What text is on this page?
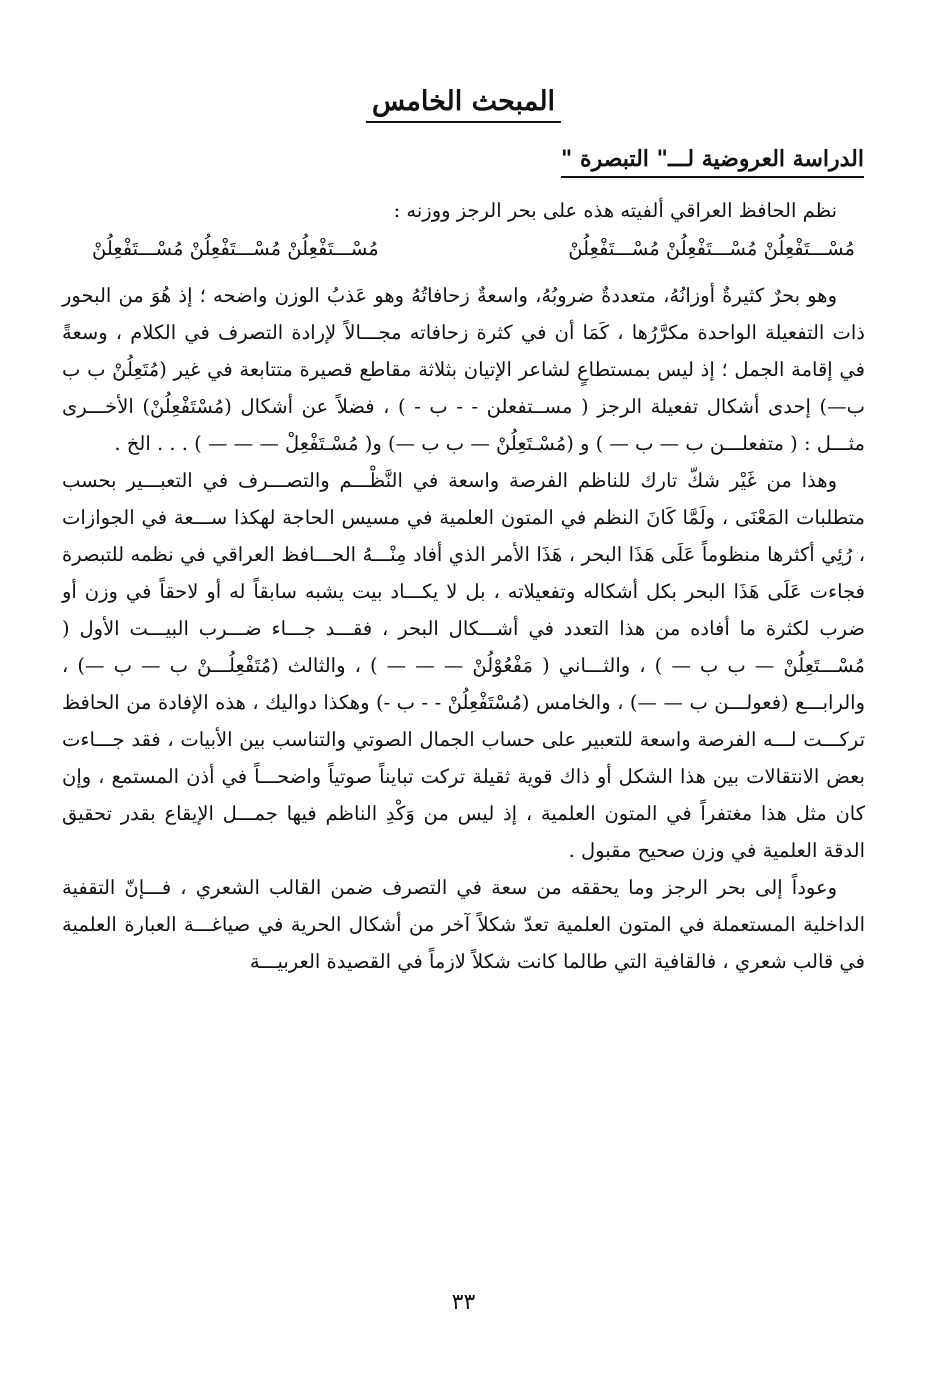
المبحث الخامس
الدراسة العروضية لـــ" التبصرة "

نظم الحافظ العراقي ألفيته هذه على بحر الرجز ووزنه :

مُسْـــتَفْعِلُنْ مُسْـــتَفْعِلُنْ مُسْـــتَفْعِلُنْ
مُسْـــتَفْعِلُنْ مُسْـــتَفْعِلُنْ مُسْـــتَفْعِلُنْ

وهو بحرٌ كثيرةٌ أوزانُهُ، متعددةٌ ضروبُهُ، واسعةٌ زحافاتُهُ وهو عَذبُ الوزن واضحه ؛ إذ هُوَ من البحور ذات التفعيلة الواحدة مكرَّرُها ، كَمَا أن في كثرة زحافاته مجـــالاً لإرادة التصرف في الكلام ، وسعةً في إقامة الجمل ؛ إذ ليس بمستطاعٍ لشاعر الإتيان بثلاثة مقاطع قصيرة متتابعة في غير (مُتَعِلُنْ ب ب ب—) إحدى أشكال تفعيلة الرجز ( مســتفعلن - - ب - ) ، فضلاً عن أشكال (مُسْتَفْعِلُنْ) الأخـــرى مثـــل : ( متفعلـــن ب — ب — ) و (مُسْـتَعِلُنْ — ب ب —) و( مُسْـتَفْعِلْ — — — ) . . . الخ .

وهذا من غَيْر شكّ تارك للناظم الفرصة واسعة في النَّظْـــم والتصـــرف في التعبـــير بحسب متطلبات المَعْنَى ، ولَمَّا كَانَ النظم في المتون العلمية في مسيس الحاجة لهكذا ســـعة في الجوازات ، رُئِي أكثرها منظوماً عَلَى هَذَا البحر ، هَذَا الأمر الذي أفاد مِنْـــهُ الحـــافظ العراقي في نظمه للتبصرة فجاءت عَلَى هَذَا البحر بكل أشكاله وتفعيلاته ، بل لا يكـــاد بيت يشبه سابقاً له أو لاحقاً في وزن أو ضرب لكثرة ما أفاده من هذا التعدد في أشـــكال البحر ، فقـــد جـــاء ضـــرب البيـــت الأول ( مُسْـــتَعِلُنْ — ب ب — ) ، والثـــاني ( مَفْعُوْلُنْ — — — ) ، والثالث (مُتَفْعِلُـــنْ ب — ب —) ، والرابـــع (فعولـــن ب — —) ، والخامس (مُسْتَفْعِلُنْ - - ب -) وهكذا دواليك ، هذه الإفادة من الحافظ تركـــت لـــه الفرصة واسعة للتعبير على حساب الجمال الصوتي والتناسب بين الأبيات ، فقد جـــاءت بعض الانتقالات بين هذا الشكل أو ذاك قوية ثقيلة تركت تبايناً صوتياً واضحـــاً في أذن المستمع ، وإن كان مثل هذا مغتفراً في المتون العلمية ، إذ ليس من وَكْدِ الناظم فيها جمـــل الإيقاع بقدر تحقيق الدقة العلمية في وزن صحيح مقبول .

وعوداً إلى بحر الرجز وما يحققه من سعة في التصرف ضمن القالب الشعري ، فـــإنّ التقفية الداخلية المستعملة في المتون العلمية تعدّ شكلاً آخر من أشكال الحرية في صياغـــة العبارة العلمية في قالب شعري ، فالقافية التي طالما كانت شكلاً لازماً في القصيدة العربيـــة

٣٣
